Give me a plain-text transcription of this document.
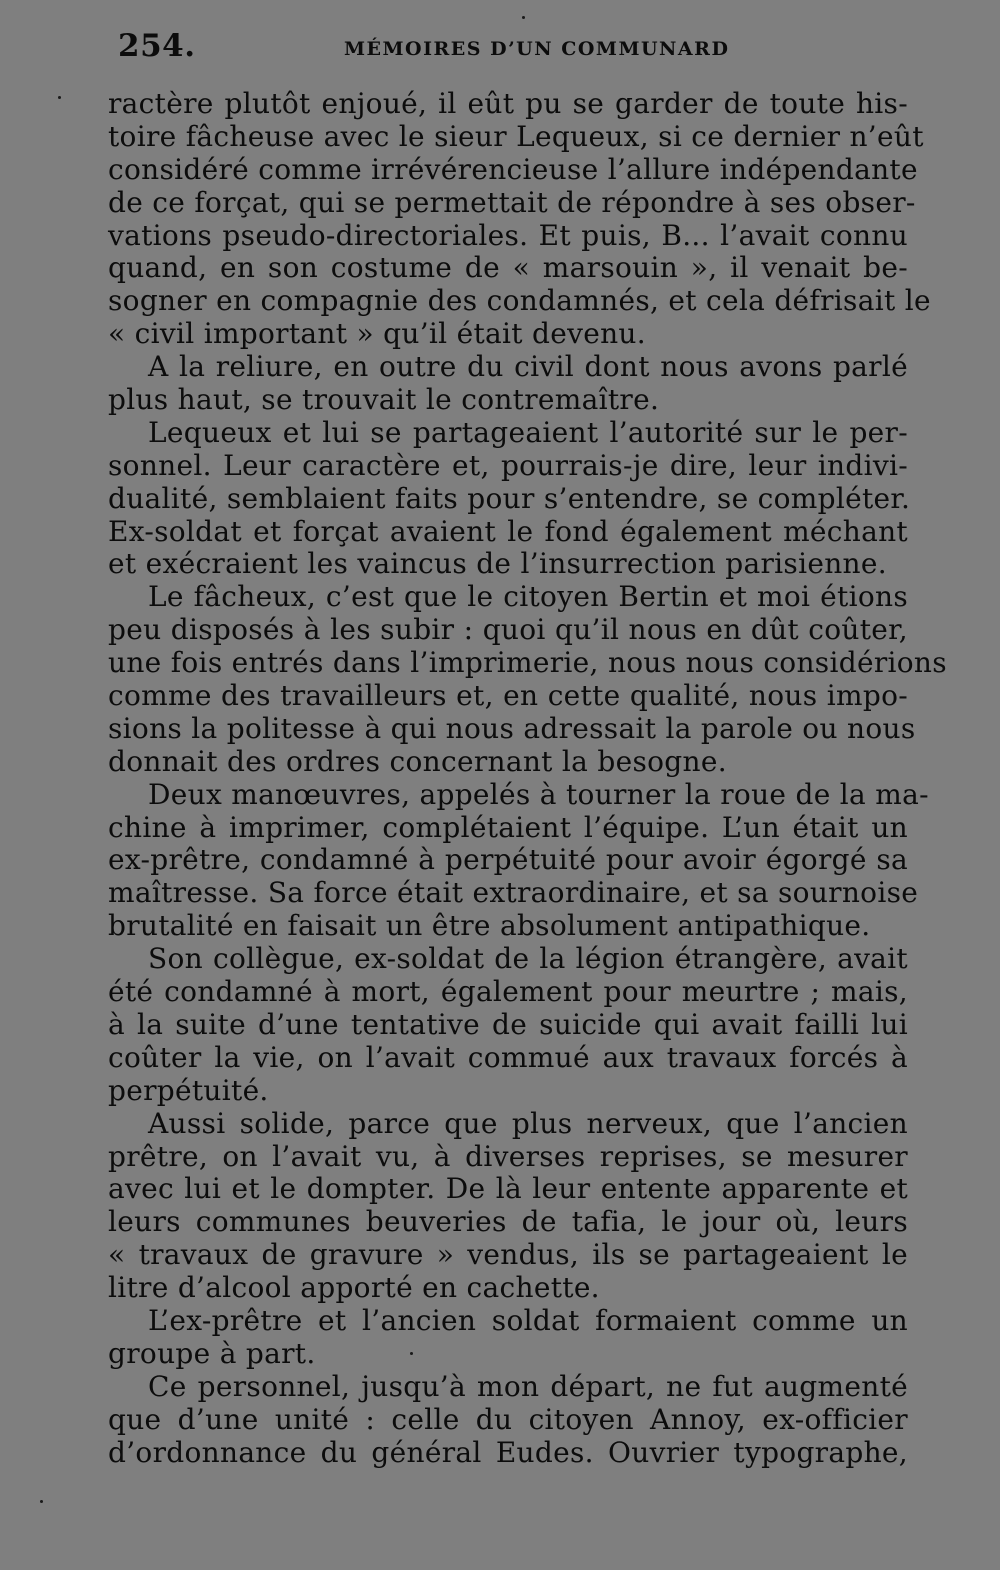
254.	MÉMOIRES D’UN COMMUNARD
ractère plutôt enjoué, il eût pu se garder de toute his-
toire fâcheuse avec le sieur Lequeux, si ce dernier n’eût
considéré comme irrévérencieuse l’allure indépendante
de ce forçat, qui se permettait de répondre à ses obser-
vations pseudo-directoriales. Et puis, B... l’avait connu
quand, en son costume de « marsouin », il venait be-
sogner en compagnie des condamnés, et cela défrisait le
« civil important » qu’il était devenu.
A la reliure, en outre du civil dont nous avons parlé
plus haut, se trouvait le contremaître.
Lequeux et lui se partageaient l’autorité sur le per-
sonnel. Leur caractère et, pourrais-je dire, leur indivi-
dualité, semblaient faits pour s’entendre, se compléter.
Ex-soldat et forçat avaient le fond également méchant
et exécraient les vaincus de l’insurrection parisienne.
Le fâcheux, c’est que le citoyen Bertin et moi étions
peu disposés à les subir : quoi qu’il nous en dût coûter,
une fois entrés dans l’imprimerie, nous nous considérions
comme des travailleurs et, en cette qualité, nous impo-
sions la politesse à qui nous adressait la parole ou nous
donnait des ordres concernant la besogne.
Deux manœuvres, appelés à tourner la roue de la ma-
chine à imprimer, complétaient l’équipe. L’un était un
ex-prêtre, condamné à perpétuité pour avoir égorgé sa
maîtresse. Sa force était extraordinaire, et sa sournoise
brutalité en faisait un être absolument antipathique.
Son collègue, ex-soldat de la légion étrangère, avait
été condamné à mort, également pour meurtre ; mais,
à la suite d’une tentative de suicide qui avait failli lui
coûter la vie, on l’avait commué aux travaux forcés à
perpétuité.
Aussi solide, parce que plus nerveux, que l’ancien
prêtre, on l’avait vu, à diverses reprises, se mesurer
avec lui et le dompter. De là leur entente apparente et
leurs communes beuveries de tafia, le jour où, leurs
« travaux de gravure » vendus, ils se partageaient le
litre d’alcool apporté en cachette.
L’ex-prêtre et l’ancien soldat formaient comme un
groupe à part.
Ce personnel, jusqu’à mon départ, ne fut augmenté
que d’une unité : celle du citoyen Annoy, ex-officier
d’ordonnance du général Eudes. Ouvrier typographe,
